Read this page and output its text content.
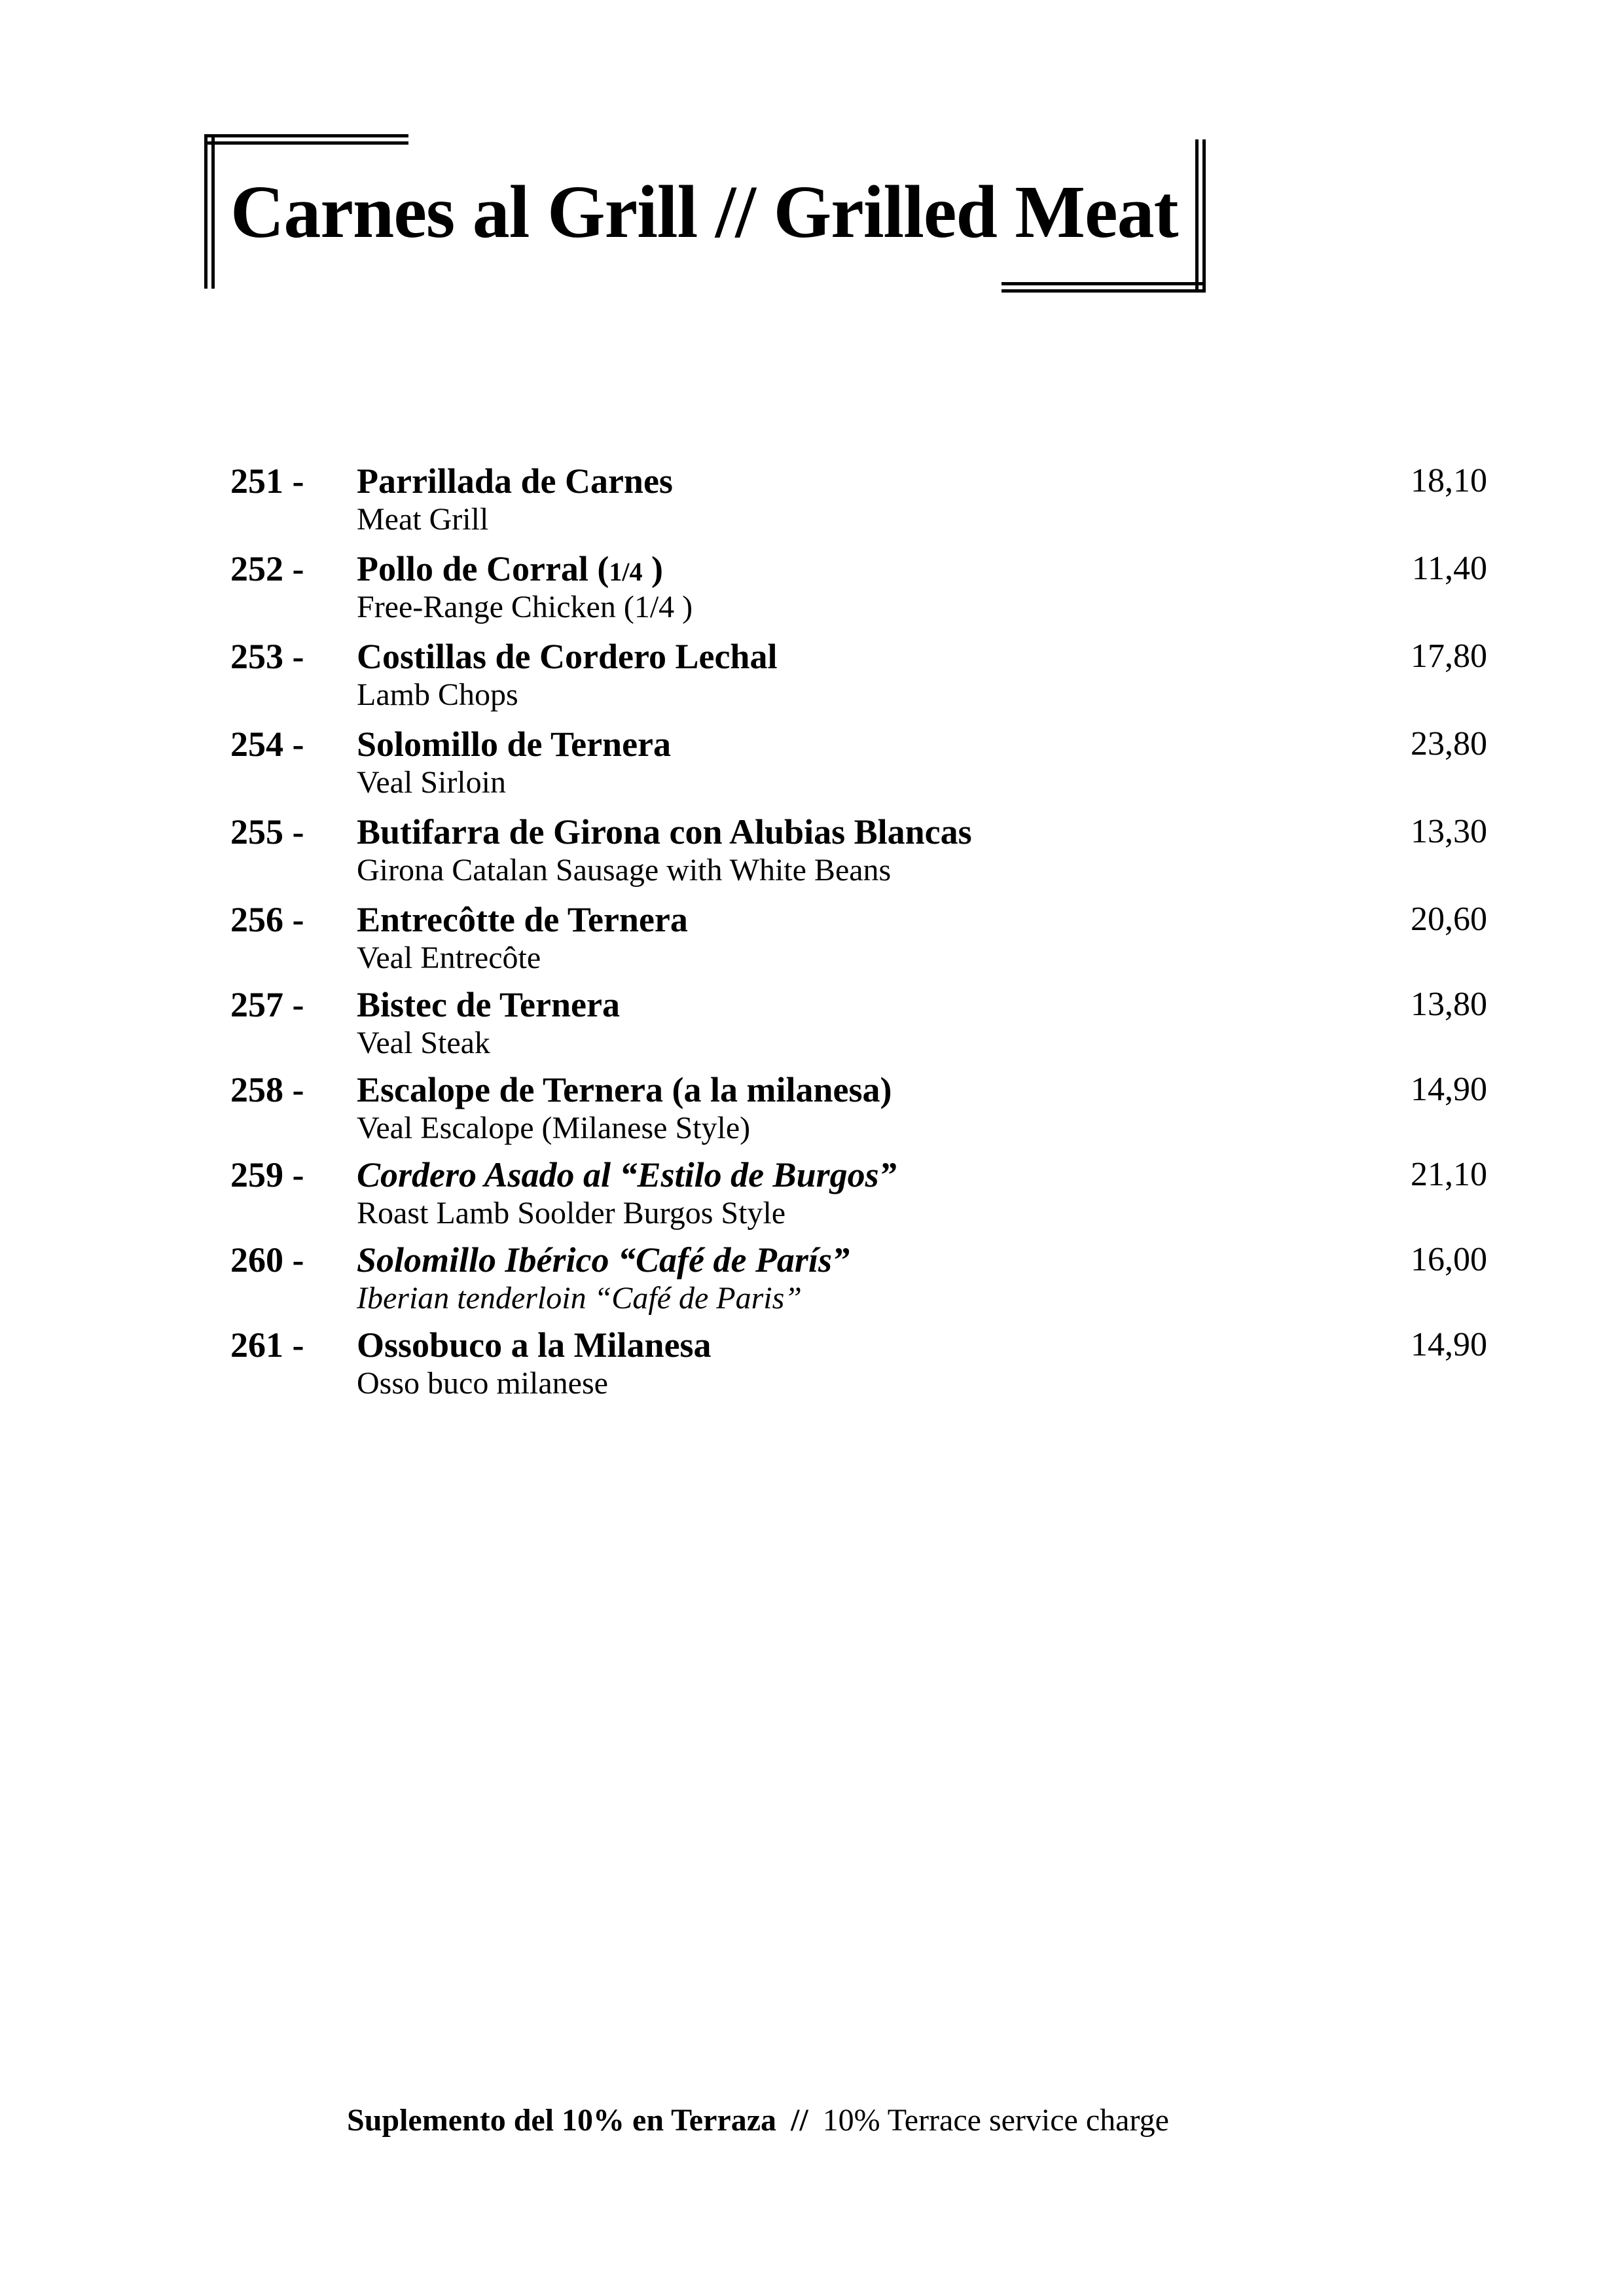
Carnes al Grill // Grilled Meat
251 - Parrillada de Carnes
Meat Grill
18,10
252 - Pollo de Corral (1/4 )
Free-Range Chicken (1/4 )
11,40
253 - Costillas de Cordero Lechal
Lamb Chops
17,80
254 - Solomillo de Ternera
Veal Sirloin
23,80
255 - Butifarra de Girona con Alubias Blancas
Girona Catalan Sausage with White Beans
13,30
256 - Entrecôtte de Ternera
Veal Entrecôte
20,60
257 - Bistec de Ternera
Veal Steak
13,80
258 - Escalope de Ternera (a la milanesa)
Veal Escalope (Milanese Style)
14,90
259 - Cordero Asado al “Estilo de Burgos”
Roast Lamb Soolder Burgos Style
21,10
260 - Solomillo Ibérico “Café de París”
Iberian tenderloin “Café de Paris”
16,00
261 - Ossobuco a la Milanesa
Osso buco milanese
14,90
Suplemento del 10% en Terraza // 10% Terrace service charge
